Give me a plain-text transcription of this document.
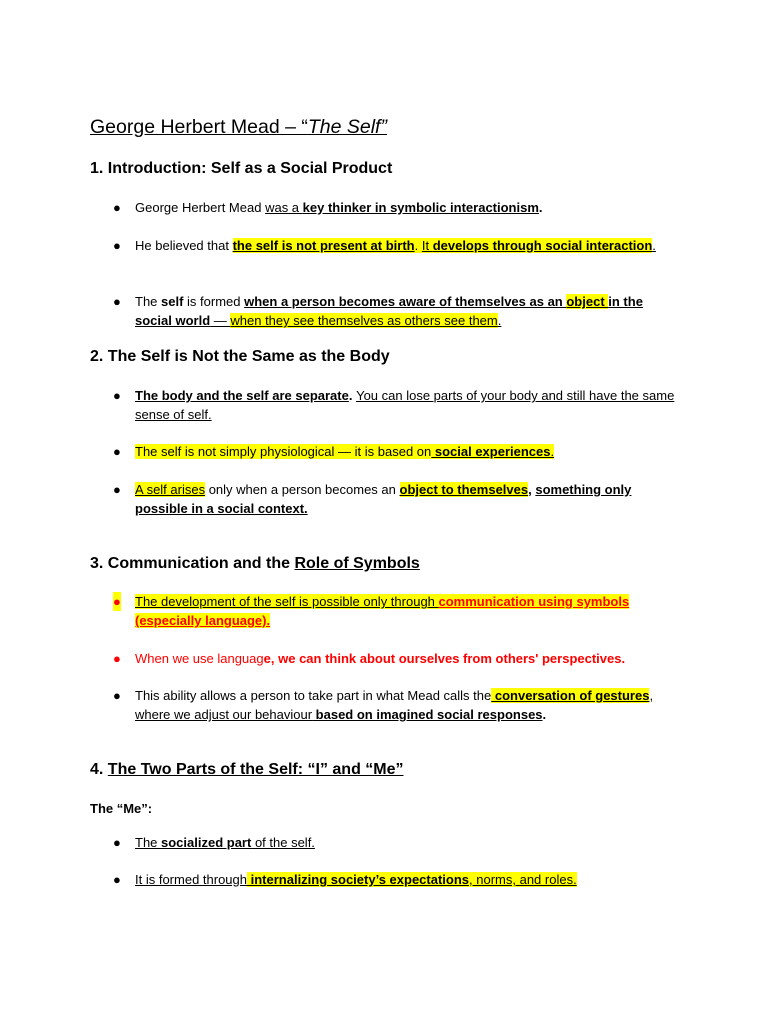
George Herbert Mead – “The Self”
1. Introduction: Self as a Social Product
● George Herbert Mead was a key thinker in symbolic interactionism.

● He believed that the self is not present at birth. It develops through social interaction.

● The self is formed when a person becomes aware of themselves as an object in the social world — when they see themselves as others see them.

2. The Self is Not the Same as the Body
● The body and the self are separate. You can lose parts of your body and still have the same sense of self.

● The self is not simply physiological — it is based on social experiences.

● A self arises only when a person becomes an object to themselves, something only possible in a social context.

3. Communication and the Role of Symbols
● The development of the self is possible only through communication using symbols (especially language).

● When we use language, we can think about ourselves from others' perspectives.

● This ability allows a person to take part in what Mead calls the conversation of gestures, where we adjust our behaviour based on imagined social responses.

4. The Two Parts of the Self: “I” and “Me”

The “Me”:

● The socialized part of the self.

● It is formed through internalizing society’s expectations, norms, and roles.
